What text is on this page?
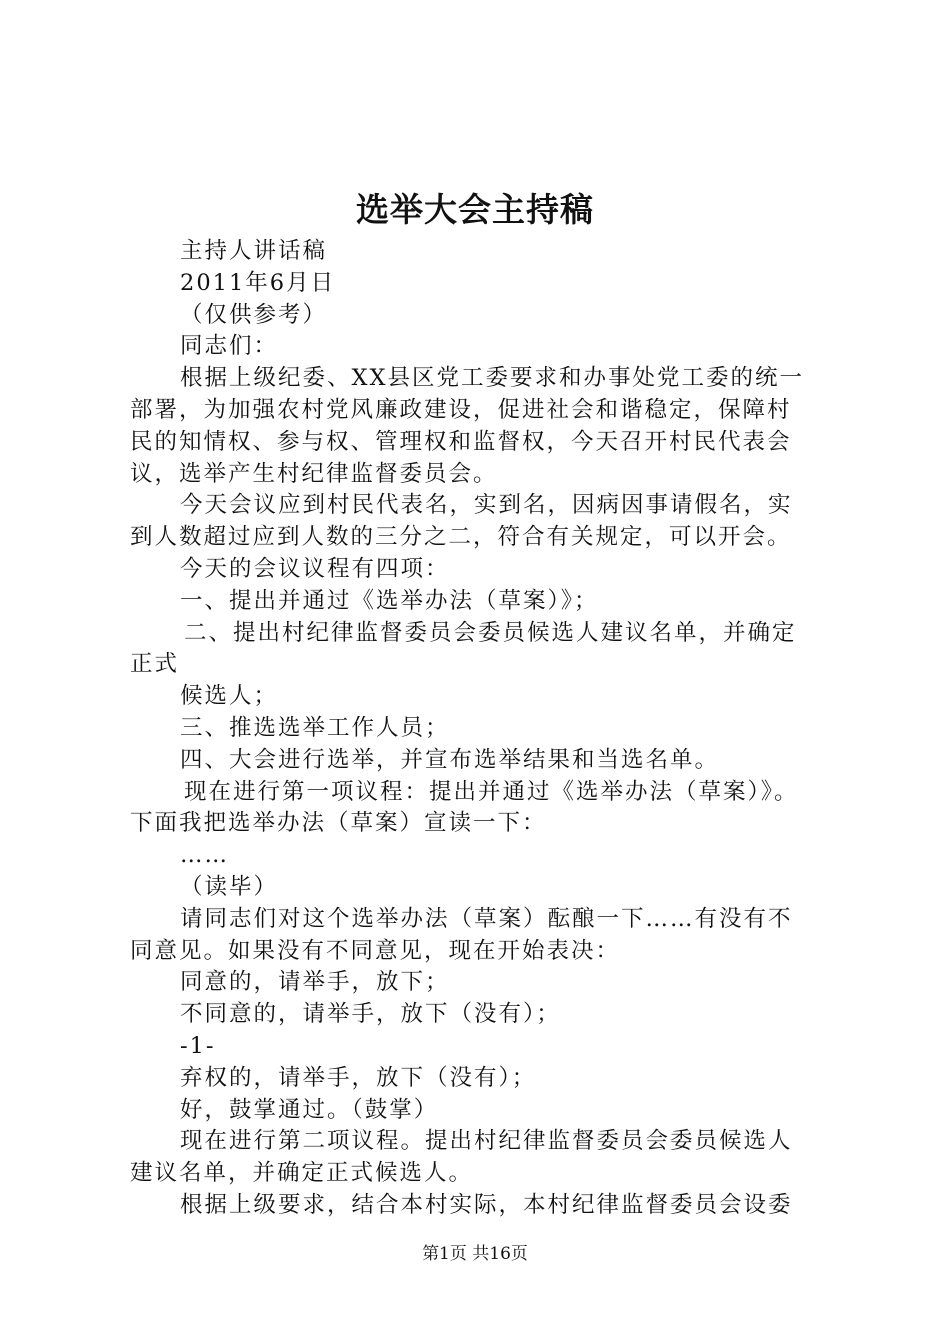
选举大会主持稿
主持人讲话稿
2011年6月日
（仅供参考）
同志们：
根据上级纪委、XX县区党工委要求和办事处党工委的统一
部署，为加强农村党风廉政建设，促进社会和谐稳定，保障村
民的知情权、参与权、管理权和监督权，今天召开村民代表会
议，选举产生村纪律监督委员会。
今天会议应到村民代表名，实到名，因病因事请假名，实
到人数超过应到人数的三分之二，符合有关规定，可以开会。
今天的会议议程有四项：
一、提出并通过《选举办法（草案）》；
二、提出村纪律监督委员会委员候选人建议名单，并确定
正式
候选人；
三、推选选举工作人员；
四、大会进行选举，并宣布选举结果和当选名单。
现在进行第一项议程：提出并通过《选举办法（草案）》。
下面我把选举办法（草案）宣读一下：
……
（读毕）
请同志们对这个选举办法（草案）酝酿一下……有没有不
同意见。如果没有不同意见，现在开始表决：
同意的，请举手，放下；
不同意的，请举手，放下（没有）；
-1-
弃权的，请举手，放下（没有）；
好，鼓掌通过。（鼓掌）
现在进行第二项议程。提出村纪律监督委员会委员候选人
建议名单，并确定正式候选人。
根据上级要求，结合本村实际，本村纪律监督委员会设委
第1页 共16页
